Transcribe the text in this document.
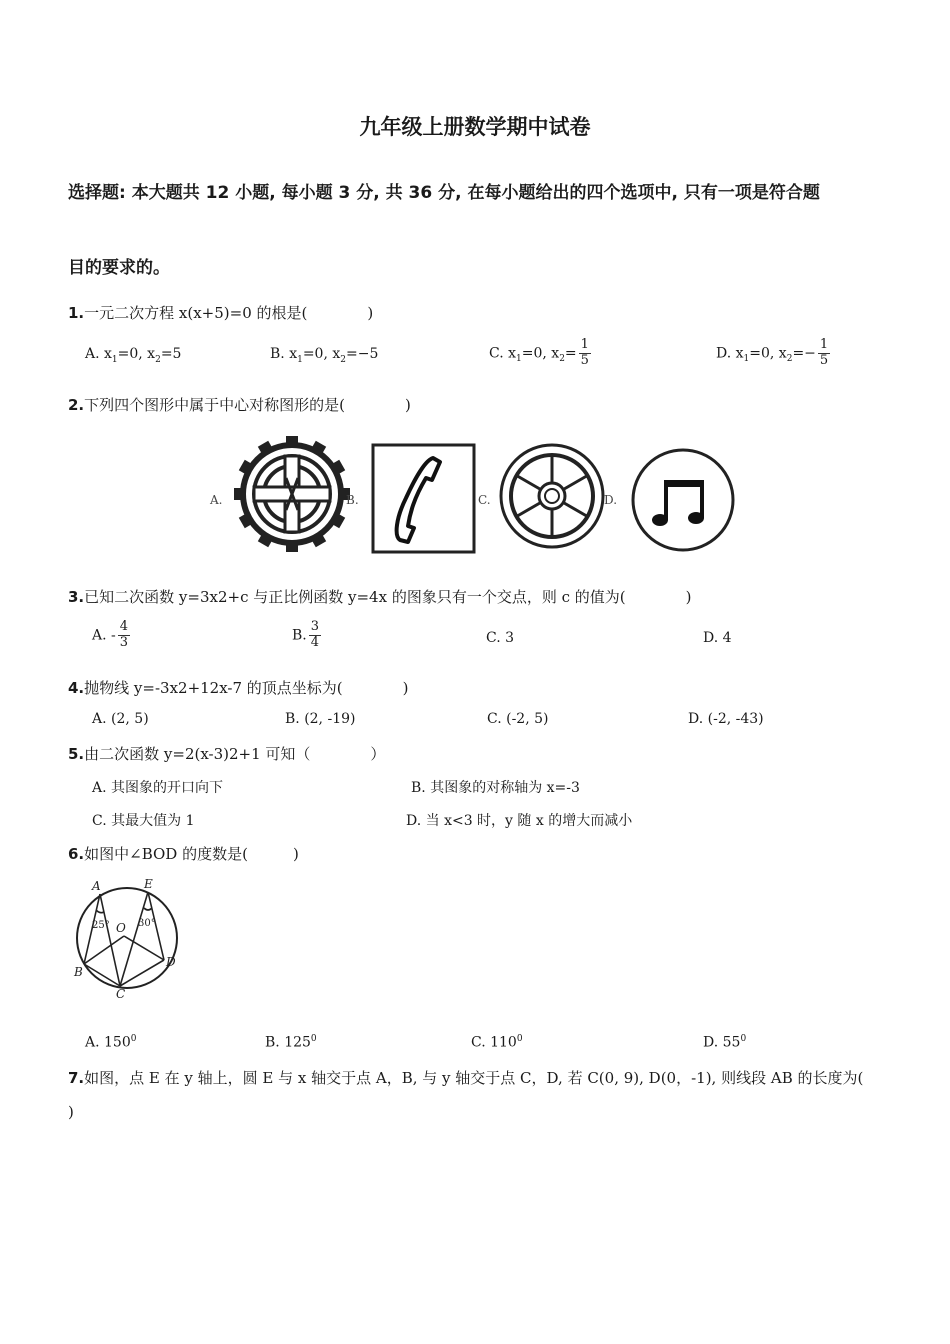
九年级上册数学期中试卷
选择题: 本大题共 12 小题, 每小题 3 分, 共 36 分, 在每小题给出的四个选项中, 只有一项是符合题
目的要求的。
1.一元二次方程 x(x+5)=0 的根是(　　　　)
A. $x_1=0$, $x_2=5$	B. $x_1=0$, $x_2=-5$	C. $x_1=0$, $x_2= \frac{1}{5}$	D. $x_1=0$, $x_2=- \frac{1}{5}$
2.下列四个图形中属于中心对称图形的是(　　　　)
A.	B.	C.	D.
3.已知二次函数 y=3x2+c 与正比例函数 y=4x 的图象只有一个交点，则 c 的值为(　　　　)
A. - $\frac{4}{3}$	B. $\frac{3}{4}$	C. 3	D. 4
4.抛物线 y=-3x2+12x-7 的顶点坐标为(　　　　)
A. (2, 5)	B. (2, -19)	C. (-2, 5)	D. (-2, -43)
5.由二次函数 y=2(x-3)2+1 可知（　　　　）
A. 其图象的开口向下	B. 其图象的对称轴为 x=-3
C. 其最大值为 1	D. 当 x<3 时，y 随 x 的增大而减小
6.如图中∠BOD 的度数是(　　　)
A	E
O
B
C
D
25°	30°
A. $150^0$	B. $125^0$	C. $110^0$	D. $55^0$
7.如图，点 E 在 y 轴上，圆 E 与 x 轴交于点 A，B, 与 y 轴交于点 C，D, 若 C(0, 9), D(0，-1), 则线段 AB 的长度为(
)
